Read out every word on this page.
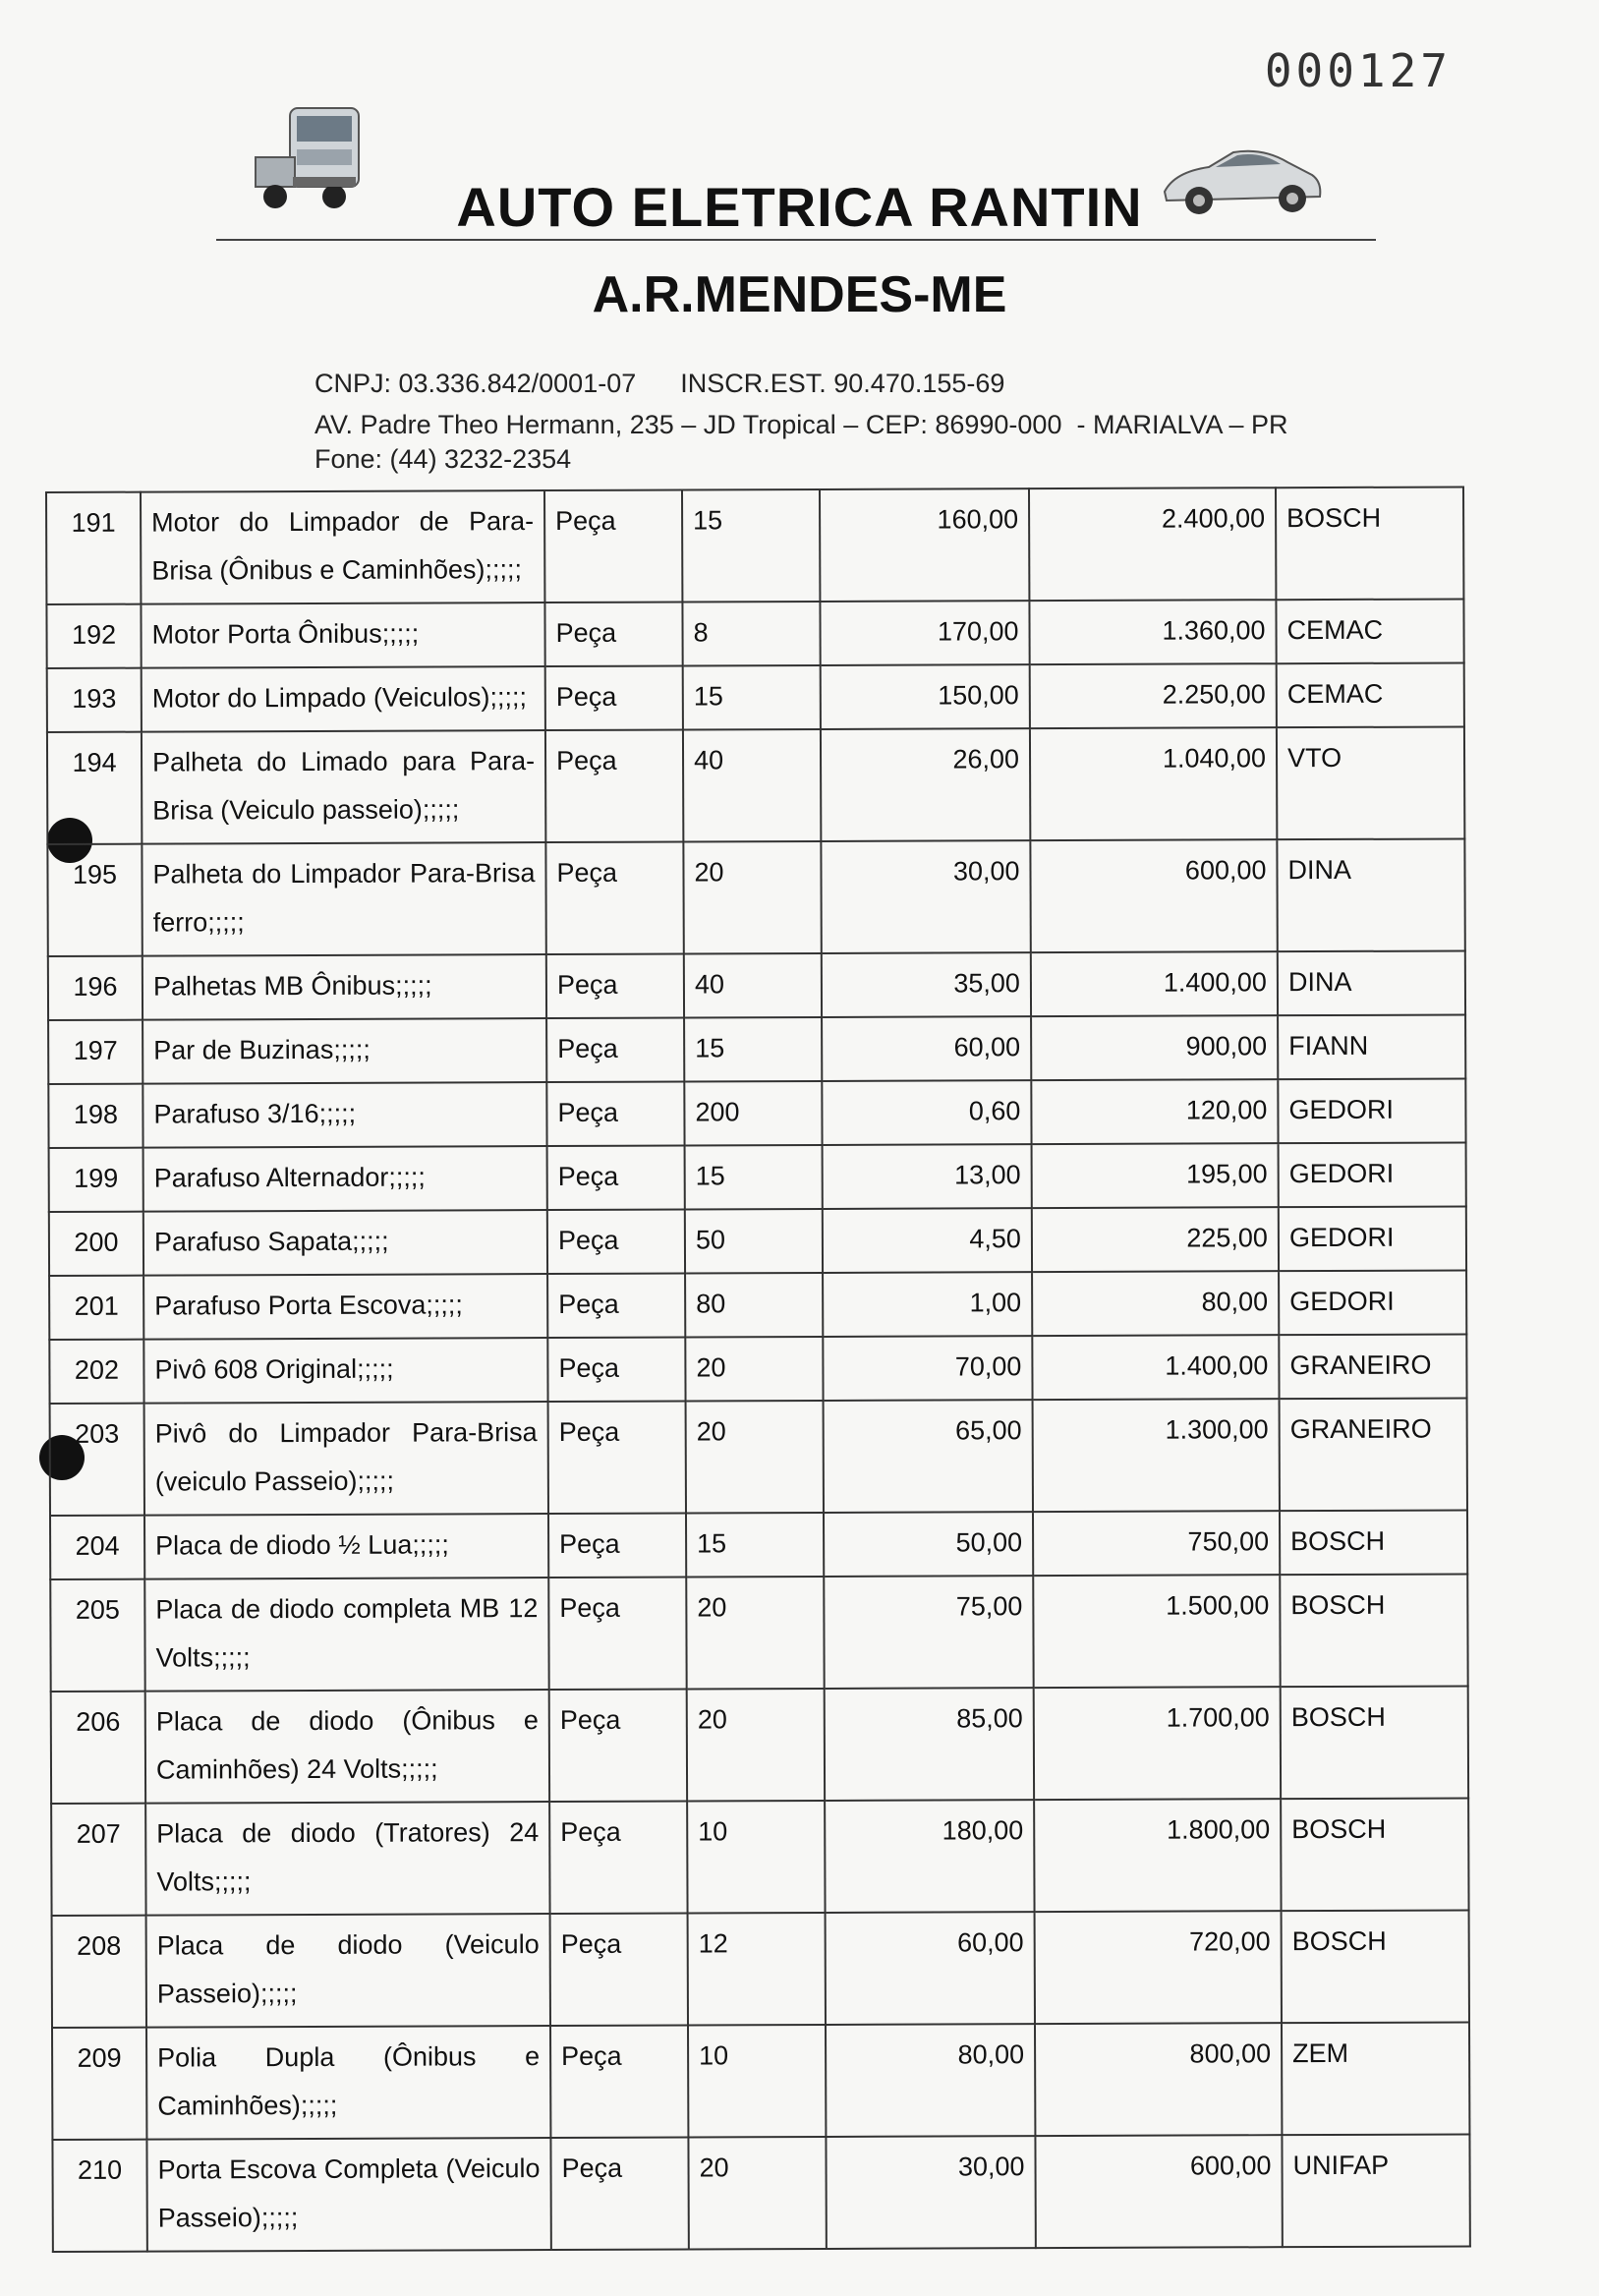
000127
AUTO ELETRICA RANTIN
A.R.MENDES-ME
CNPJ: 03.336.842/0001-07      INSCR.EST. 90.470.155-69
AV. Padre Theo Hermann, 235 – JD Tropical – CEP: 86990-000  - MARIALVA – PR
Fone: (44) 3232-2354
191	Motor do Limpador de Para-Brisa (Ônibus e Caminhões);;;;;	Peça	15	160,00	2.400,00	BOSCH
192	Motor Porta Ônibus;;;;;	Peça	8	170,00	1.360,00	CEMAC
193	Motor do Limpado (Veiculos);;;;;	Peça	15	150,00	2.250,00	CEMAC
194	Palheta do Limado para Para-Brisa (Veiculo passeio);;;;;	Peça	40	26,00	1.040,00	VTO
195	Palheta do Limpador Para-Brisa ferro;;;;;	Peça	20	30,00	600,00	DINA
196	Palhetas MB Ônibus;;;;;	Peça	40	35,00	1.400,00	DINA
197	Par de Buzinas;;;;;	Peça	15	60,00	900,00	FIANN
198	Parafuso 3/16;;;;;	Peça	200	0,60	120,00	GEDORI
199	Parafuso Alternador;;;;;	Peça	15	13,00	195,00	GEDORI
200	Parafuso Sapata;;;;;	Peça	50	4,50	225,00	GEDORI
201	Parafuso Porta Escova;;;;;	Peça	80	1,00	80,00	GEDORI
202	Pivô 608 Original;;;;;	Peça	20	70,00	1.400,00	GRANEIRO
203	Pivô do Limpador Para-Brisa (veiculo Passeio);;;;;	Peça	20	65,00	1.300,00	GRANEIRO
204	Placa de diodo ½ Lua;;;;;	Peça	15	50,00	750,00	BOSCH
205	Placa de diodo completa MB 12 Volts;;;;;	Peça	20	75,00	1.500,00	BOSCH
206	Placa de diodo (Ônibus e Caminhões) 24 Volts;;;;;	Peça	20	85,00	1.700,00	BOSCH
207	Placa de diodo (Tratores) 24 Volts;;;;;	Peça	10	180,00	1.800,00	BOSCH
208	Placa de diodo (Veiculo Passeio);;;;;	Peça	12	60,00	720,00	BOSCH
209	Polia Dupla (Ônibus e Caminhões);;;;;	Peça	10	80,00	800,00	ZEM
210	Porta Escova Completa (Veiculo Passeio);;;;;	Peça	20	30,00	600,00	UNIFAP
